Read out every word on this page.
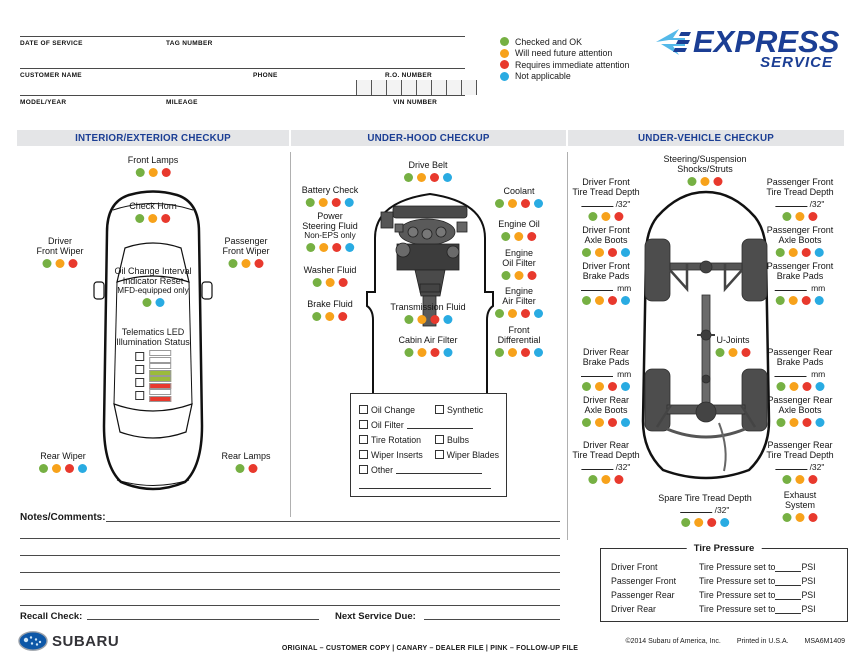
DATE OF SERVICE	TAG NUMBER
CUSTOMER NAME	PHONE	R.O. NUMBER
MODEL/YEAR	MILEAGE	VIN NUMBER
Checked and OK
Will need future attention
Requires immediate attention
Not applicable
EXPRESS
SERVICE
INTERIOR/EXTERIOR CHECKUP	UNDER-HOOD CHECKUP	UNDER-VEHICLE CHECKUP
Front Lamps
Check Horn
Driver
Front Wiper
Passenger
Front Wiper
Oil Change Interval
Indicator Reset
MFD-equipped only
Rear Wiper	Rear Lamps
Drive Belt
Battery Check	Coolant
Power
Steering Fluid
Non-EPS only
Engine Oil
Engine
Oil Filter
Washer Fluid
Engine
Air Filter
Brake Fluid	Transmission Fluid
Front
Differential
Cabin Air Filter
Steering/Suspension
Shocks/Struts
Driver Front
Tire Tread Depth
/32"
Passenger Front
Tire Tread Depth
/32"
Driver Front
Axle Boots
Passenger Front
Axle Boots
Driver Front
Brake Pads
mm
Passenger Front
Brake Pads
mm
U-Joints
Driver Rear
Brake Pads
mm
Passenger Rear
Brake Pads
mm
Driver Rear
Axle Boots
Passenger Rear
Axle Boots
Driver Rear
Tire Tread Depth
/32"
Passenger Rear
Tire Tread Depth
/32"
Spare Tire Tread Depth
/32"
Exhaust
System
Telematics LED
Illumination Status
Oil Change	Synthetic
Oil Filter
Tire Rotation	Bulbs
Wiper Inserts	Wiper Blades
Other
Notes/Comments:
Recall Check:	Next Service Due:
Tire Pressure
Driver Front	Tire Pressure set to	PSI
Passenger Front	Tire Pressure set to	PSI
Passenger Rear	Tire Pressure set to	PSI
Driver Rear	Tire Pressure set to	PSI
SUBARU	ORIGINAL – CUSTOMER COPY | CANARY – DEALER FILE | PINK – FOLLOW-UP FILE
©2014 Subaru of America, Inc. Printed in U.S.A. MSA6M1409
